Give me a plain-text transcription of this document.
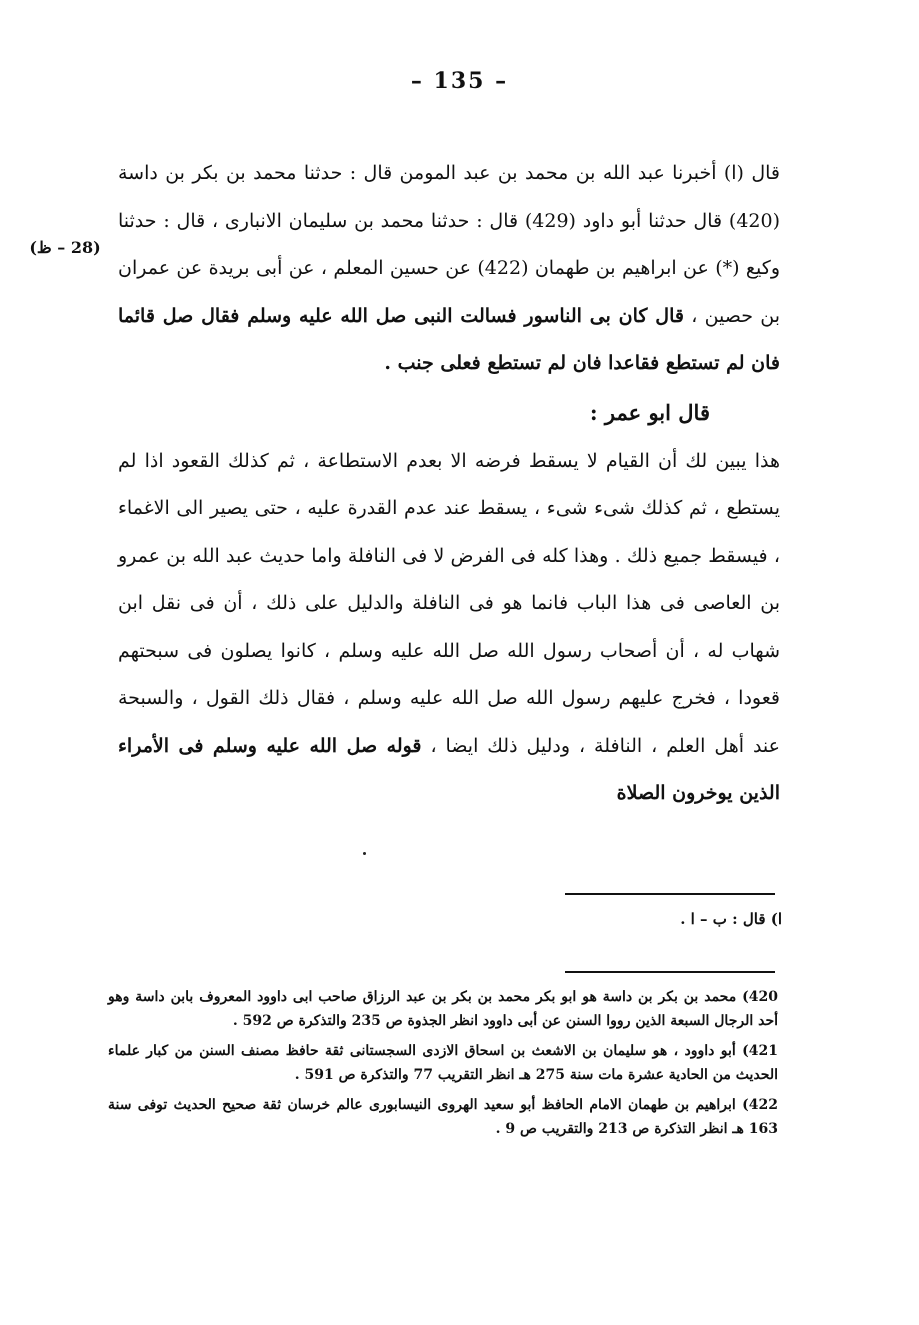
– 135 –
(28 – ظ)

قال (ا) أخبرنا عبد الله بن محمد بن عبد المومن قال : حدثنا محمد بن بكر بن داسة (420) قال حدثنا أبو داود (429) قال : حدثنا محمد بن سليمان الانبارى ، قال : حدثنا وكيع (*) عن ابراهيم بن طهمان (422) عن حسين المعلم ، عن أبى بريدة عن عمران بن حصين ، قال كان بى الناسور فسالت النبى صل الله عليه وسلم فقال صل قائما فان لم تستطع فقاعدا فان لم تستطع فعلى جنب .

قال ابو عمر :

هذا يبين لك أن القيام لا يسقط فرضه الا بعدم الاستطاعة ، ثم كذلك القعود اذا لم يستطع ، ثم كذلك شىء شىء ، يسقط عند عدم القدرة عليه ، حتى يصير الى الاغماء ، فيسقط جميع ذلك . وهذا كله فى الفرض لا فى النافلة واما حديث عبد الله بن عمرو بن العاصى فى هذا الباب فانما هو فى النافلة والدليل على ذلك ، أن فى نقل ابن شهاب له ، أن أصحاب رسول الله صل الله عليه وسلم ، كانوا يصلون فى سبحتهم قعودا ، فخرج عليهم رسول الله صل الله عليه وسلم ، فقال ذلك القول ، والسبحة عند أهل العلم ، النافلة ، ودليل ذلك ايضا ، قوله صل الله عليه وسلم فى الأمراء الذين يوخرون الصلاة

ا) قال : ب – ا .

420) محمد بن بكر بن داسة هو ابو بكر محمد بن بكر بن عبد الرزاق صاحب ابى داوود المعروف بابن داسة وهو أحد الرجال السبعة الذين رووا السنن عن أبى داوود انظر الجذوة ص 235 والتذكرة ص 592 .

421) أبو داوود ، هو سليمان بن الاشعث بن اسحاق الازدى السجستانى ثقة حافظ مصنف السنن من كبار علماء الحديث من الحادية عشرة مات سنة 275 هـ انظر التقريب 77 والتذكرة ص 591 .

422) ابراهيم بن طهمان الامام الحافظ أبو سعيد الهروى النيسابورى عالم خرسان ثقة صحيح الحديث توفى سنة 163 هـ انظر التذكرة ص 213 والتقريب ص 9 .
